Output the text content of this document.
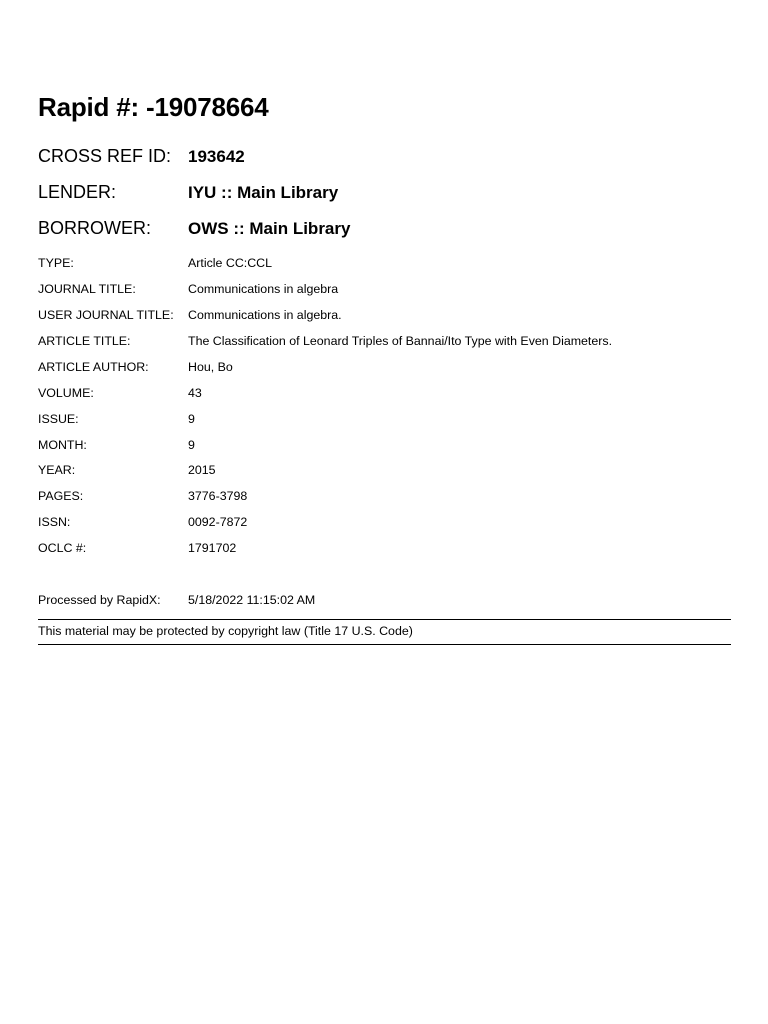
Rapid #: -19078664
CROSS REF ID: 193642
LENDER:	IYU :: Main Library
BORROWER: OWS :: Main Library
TYPE:	Article CC:CCL
JOURNAL TITLE:	Communications in algebra
USER JOURNAL TITLE: Communications in algebra.
ARTICLE TITLE:	The Classification of Leonard Triples of Bannai/Ito Type with Even Diameters.
ARTICLE AUTHOR:	Hou, Bo
VOLUME:	43
ISSUE:	9
MONTH:	9
YEAR:	2015
PAGES:	3776-3798
ISSN:	0092-7872
OCLC #:	1791702
Processed by RapidX: 5/18/2022 11:15:02 AM
This material may be protected by copyright law (Title 17 U.S. Code)
